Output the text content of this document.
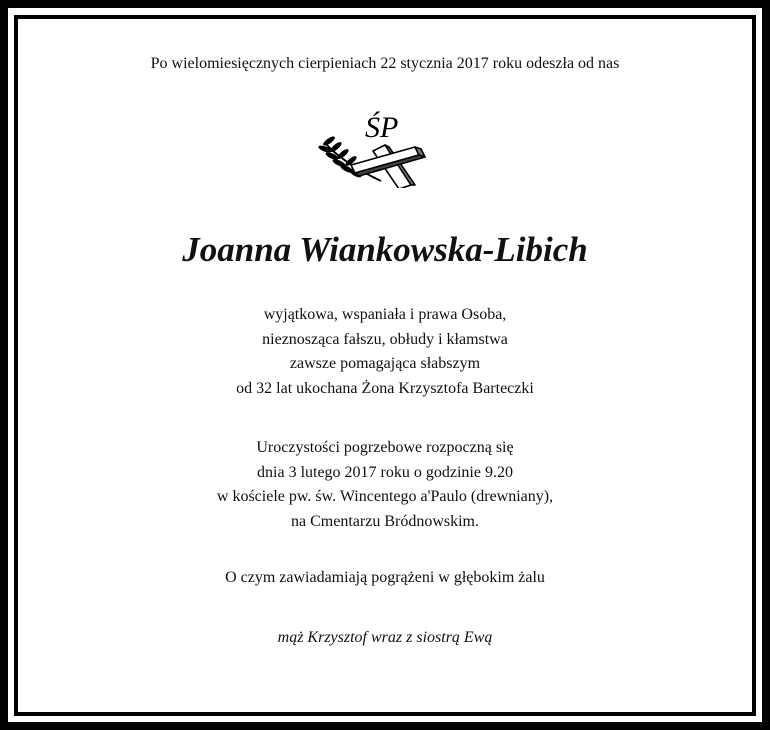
Po wielomiesięcznych cierpieniach 22 stycznia 2017 roku odeszła od nas
ŚP
Joanna Wiankowska-Libich
wyjątkowa, wspaniała i prawa Osoba,
nieznosząca fałszu, obłudy i kłamstwa
zawsze pomagająca słabszym
od 32 lat ukochana Żona Krzysztofa Barteczki
Uroczystości pogrzebowe rozpoczną się
dnia 3 lutego 2017 roku o godzinie 9.20
w kościele pw. św. Wincentego a'Paulo (drewniany),
na Cmentarzu Bródnowskim.
O czym zawiadamiają pogrążeni w głębokim żalu
mąż Krzysztof wraz z siostrą Ewą
